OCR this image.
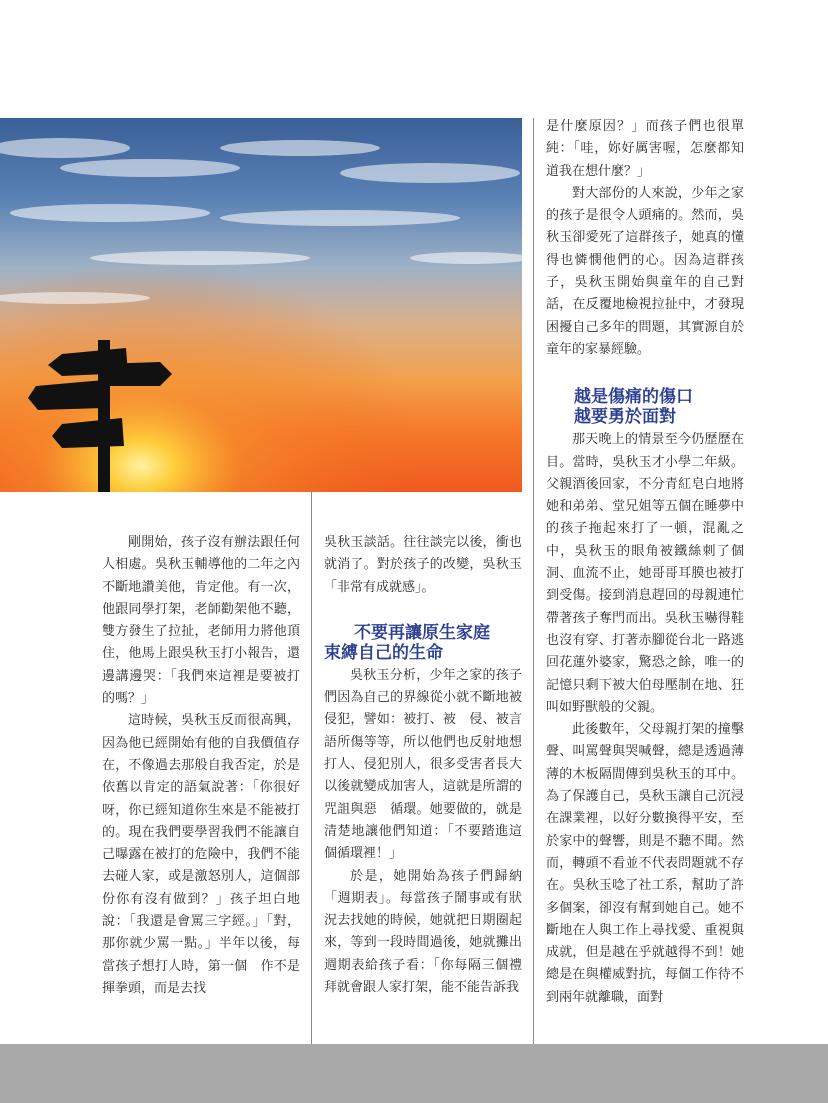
剛開始，孩子沒有辦法跟任何人相處。吳秋玉輔導他的二年之內不斷地讚美他，肯定他。有一次，他跟同學打架，老師勸架他不聽，雙方發生了拉扯，老師用力將他頂住，他馬上跟吳秋玉打小報告，還邊講邊哭：「我們來這裡是要被打的嗎？」

這時候，吳秋玉反而很高興，因為他已經開始有他的自我價值存在，不像過去那般自我否定，於是依舊以肯定的語氣說著：「你很好呀，你已經知道你生來是不能被打的。現在我們要學習我們不能讓自己曝露在被打的危險中，我們不能去碰人家，或是激怒別人，這個部份你有沒有做到？」孩子坦白地說：「我還是會罵三字經。」「對，那你就少罵一點。」半年以後，每當孩子想打人時，第一個　作不是揮拳頭，而是去找

吳秋玉談話。往往談完以後，衝也就消了。對於孩子的改變，吳秋玉「非常有成就感」。

不要再讓原生家庭
束縛自己的生命

吳秋玉分析，少年之家的孩子們因為自己的界線從小就不斷地被侵犯，譬如：被打、被　侵、被言語所傷等等，所以他們也反射地想打人、侵犯別人，很多受害者長大以後就變成加害人，這就是所謂的咒詛與惡　循環。她要做的，就是清楚地讓他們知道：「不要踏進這個循環裡！」

於是，她開始為孩子們歸納「週期表」。每當孩子鬧事或有狀況去找她的時候，她就把日期圈起來，等到一段時間過後，她就攤出週期表給孩子看：「你每隔三個禮拜就會跟人家打架，能不能告訴我

是什麼原因？」而孩子們也很單純：「哇，妳好厲害喔，怎麼都知道我在想什麼？」

對大部份的人來說，少年之家的孩子是很令人頭痛的。然而，吳秋玉卻愛死了這群孩子，她真的懂得也憐憫他們的心。因為這群孩子，吳秋玉開始與童年的自己對話，在反覆地檢視拉扯中，才發現困擾自己多年的問題，其實源自於童年的家暴經驗。

越是傷痛的傷口
越要勇於面對

那天晚上的情景至今仍歷歷在目。當時，吳秋玉才小學二年級。父親酒後回家，不分青紅皂白地將她和弟弟、堂兄姐等五個在睡夢中的孩子拖起來打了一頓，混亂之中，吳秋玉的眼角被鐵絲刺了個洞、血流不止，她哥哥耳膜也被打到受傷。接到消息趕回的母親連忙帶著孩子奪門而出。吳秋玉嚇得鞋也沒有穿、打著赤腳從台北一路逃回花蓮外婆家，驚恐之餘，唯一的記憶只剩下被大伯母壓制在地、狂叫如野獸般的父親。

此後數年，父母親打架的撞擊聲、叫罵聲與哭喊聲，總是透過薄薄的木板隔間傳到吳秋玉的耳中。為了保護自己，吳秋玉讓自己沉浸在課業裡，以好分數換得平安，至於家中的聲響，則是不聽不聞。然而，轉頭不看並不代表問題就不存在。吳秋玉唸了社工系，幫助了許多個案，卻沒有幫到她自己。她不斷地在人與工作上尋找愛、重視與成就，但是越在乎就越得不到！她總是在與權威對抗，每個工作待不到兩年就離職，面對
